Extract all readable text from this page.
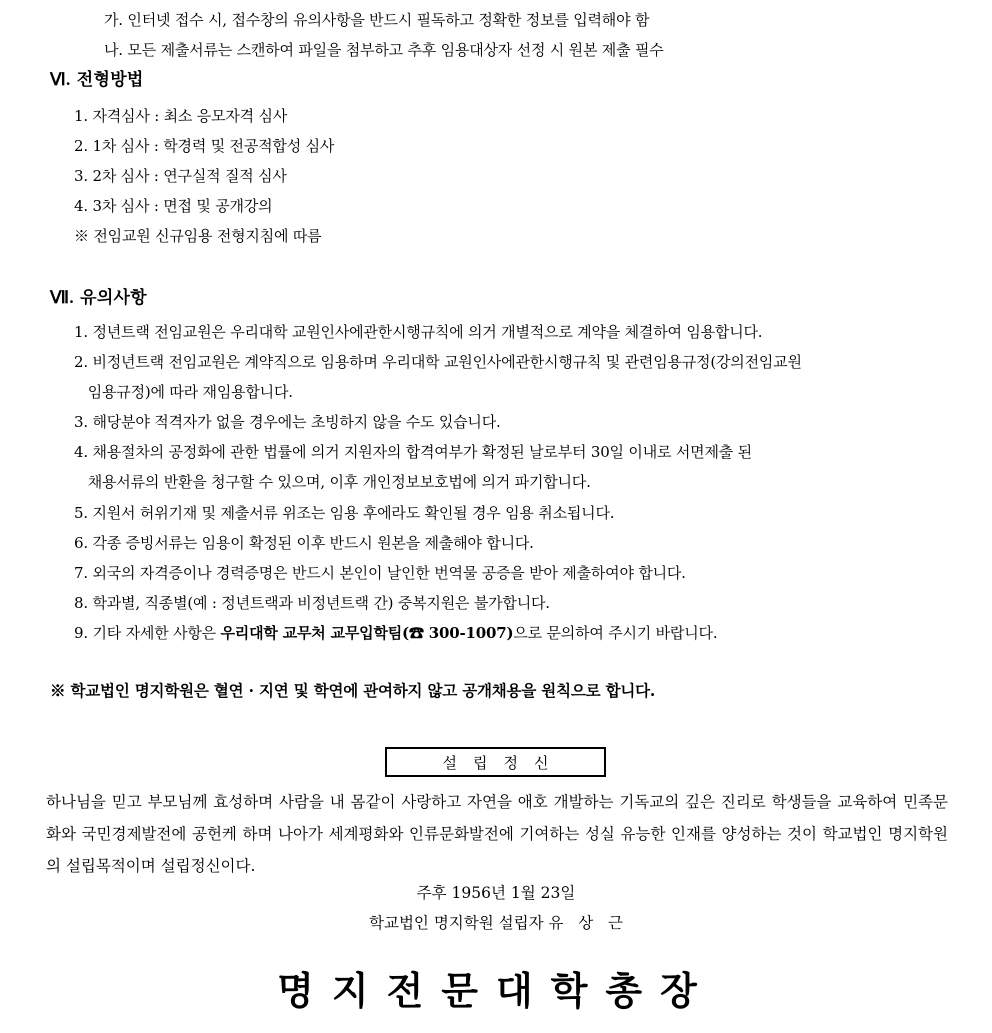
가. 인터넷 접수 시, 접수창의 유의사항을 반드시 필독하고 정확한 정보를 입력해야 함
나. 모든 제출서류는 스캔하여 파일을 첨부하고 추후 임용대상자 선정 시 원본 제출 필수
Ⅵ. 전형방법
1. 자격심사 : 최소 응모자격 심사
2. 1차 심사 : 학경력 및 전공적합성 심사
3. 2차 심사 : 연구실적 질적 심사
4. 3차 심사 : 면접 및 공개강의
※ 전임교원 신규임용 전형지침에 따름
Ⅶ. 유의사항
1. 정년트랙 전임교원은 우리대학 교원인사에관한시행규칙에 의거 개별적으로 계약을 체결하여 임용합니다.
2. 비정년트랙 전임교원은 계약직으로 임용하며 우리대학 교원인사에관한시행규칙 및 관련임용규정(강의전임교원
임용규정)에 따라 재임용합니다.
3. 해당분야 적격자가 없을 경우에는 초빙하지 않을 수도 있습니다.
4. 채용절차의 공정화에 관한 법률에 의거 지원자의 합격여부가 확정된 날로부터 30일 이내로 서면제출 된
채용서류의 반환을 청구할 수 있으며, 이후 개인정보보호법에 의거 파기합니다.
5. 지원서 허위기재 및 제출서류 위조는 임용 후에라도 확인될 경우 임용 취소됩니다.
6. 각종 증빙서류는 임용이 확정된 이후 반드시 원본을 제출해야 합니다.
7. 외국의 자격증이나 경력증명은 반드시 본인이 날인한 번역물 공증을 받아 제출하여야 합니다.
8. 학과별, 직종별(예 : 정년트랙과 비정년트랙 간) 중복지원은 불가합니다.
9. 기타 자세한 사항은 우리대학 교무처 교무입학팀(☎ 300-1007)으로 문의하여 주시기 바랍니다.
※ 학교법인 명지학원은 혈연 · 지연 및 학연에 관여하지 않고 공개채용을 원칙으로 합니다.
설립정신
하나님을 믿고 부모님께 효성하며 사람을 내 몸같이 사랑하고 자연을 애호 개발하는 기독교의 깊은 진리로 학생들을 교육하여 민족문화와 국민경제발전에 공헌케 하며 나아가 세계평화와 인류문화발전에 기여하는 성실 유능한 인재를 양성하는 것이 학교법인 명지학원의 설립목적이며 설립정신이다.
주후 1956년 1월 23일
학교법인 명지학원 설립자 유   상   근
명지전문대학총장
